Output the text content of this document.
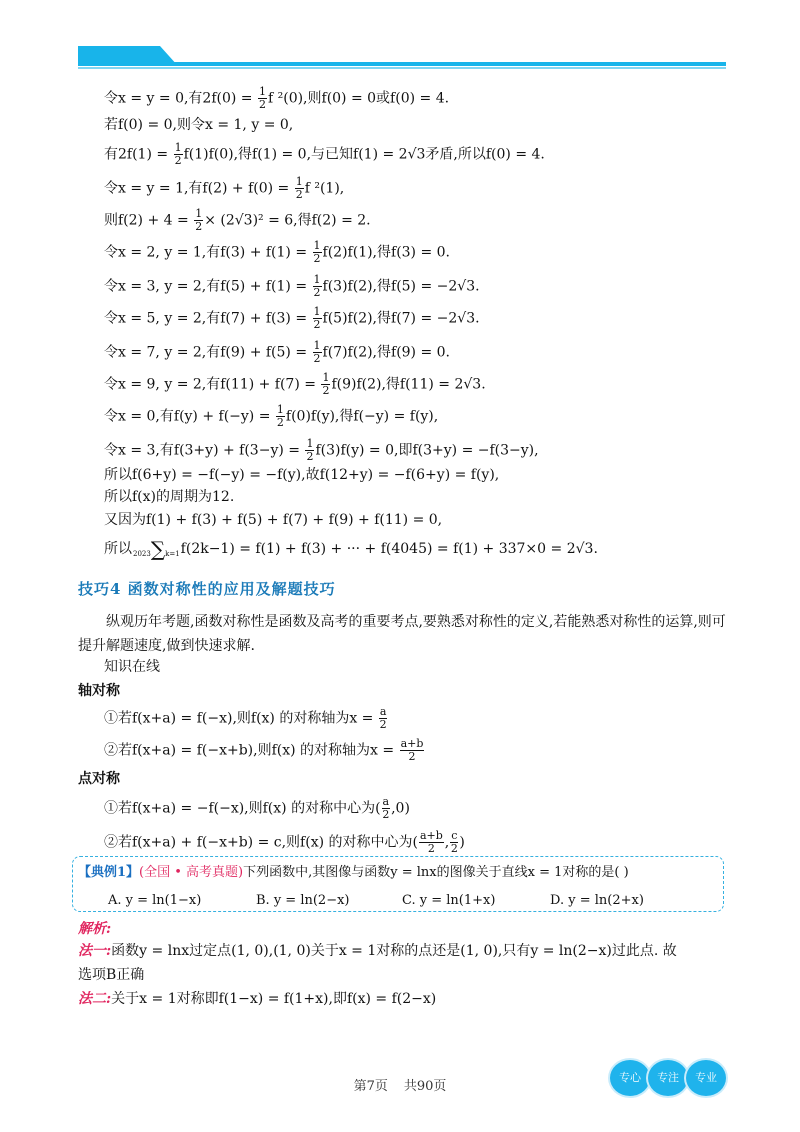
令x = y = 0,有$2f(0) = \frac{1}{2}$ f ²(0),则f(0) = 0或f(0) = 4.
若f(0) = 0,则令x = 1, y = 0,
有$2f(1) = \frac{1}{2} f(1)f(0)$,得f(1) = 0,与已知f(1) = 2√3矛盾,所以f(0) = 4.
令x = y = 1,有$f(2) + f(0) = \frac{1}{2}$ f ²(1),
则$f(2) + 4 = \frac{1}{2} \times (2√3)^2 = 6$,得f(2) = 2.
令x = 2, y = 1,有$f(3) + f(1) = \frac{1}{2} f(2)f(1)$,得f(3) = 0.
令x = 3, y = 2,有$f(5) + f(1) = \frac{1}{2} f(3)f(2)$,得f(5) = −2√3.
令x = 5, y = 2,有$f(7) + f(3) = \frac{1}{2} f(5)f(2)$,得f(7) = −2√3.
令x = 7, y = 2,有$f(9) + f(5) = \frac{1}{2} f(7)f(2)$,得f(9) = 0.
令x = 9, y = 2,有$f(11) + f(7) = \frac{1}{2} f(9)f(2)$,得f(11) = 2√3.
令x = 0,有$f(y) + f(-y) = \frac{1}{2} f(0)f(y)$,得f(−y) = f(y),
令x = 3,有$f(3+y) + f(3-y) = \frac{1}{2} f(3)f(y) = 0$,即f(3+y) = −f(3−y),
所以f(6+y) = −f(−y) = −f(y),故f(12+y) = −f(6+y) = f(y),
所以f(x)的周期为12.
又因为f(1) + f(3) + f(5) + f(7) + f(9) + f(11) = 0,
所以2023∑k=1f(2k−1) = f(1) + f(3) + ··· + f(4045) = f(1) + 337×0 = 2√3.
技巧4 函数对称性的应用及解题技巧
纵观历年考题,函数对称性是函数及高考的重要考点,要熟悉对称性的定义,若能熟悉对称性的运算,则可提升解题速度,做到快速求解.
知识在线
轴对称
①若f(x+a) = f(−x),则f(x) 的对称轴为$x = \frac{a}{2}$
②若f(x+a) = f(−x+b),则f(x) 的对称轴为$x = \frac{a+b}{2}$
点对称
①若f(x+a) = −f(−x),则f(x) 的对称中心为( $\frac{a}{2} ,0$)
②若f(x+a) + f(−x+b) = c,则f(x) 的对称中心为( $\frac{a+b}{2}$ , $\frac{c}{2}$ )
【典例1】(全国 • 高考真题)下列函数中,其图像与函数y = lnx的图像关于直线x = 1对称的是( )
A. y = ln(1−x)	B. y = ln(2−x)	C. y = ln(1+x)	D. y = ln(2+x)
解析:
法一:函数y = lnx过定点(1, 0),(1, 0)关于x = 1对称的点还是(1, 0),只有y = ln(2−x)过此点. 故
选项B正确
法二:关于x = 1对称即f(1−x) = f(1+x),即f(x) = f(2−x)
第7页 共90页
专心	专注	专业
